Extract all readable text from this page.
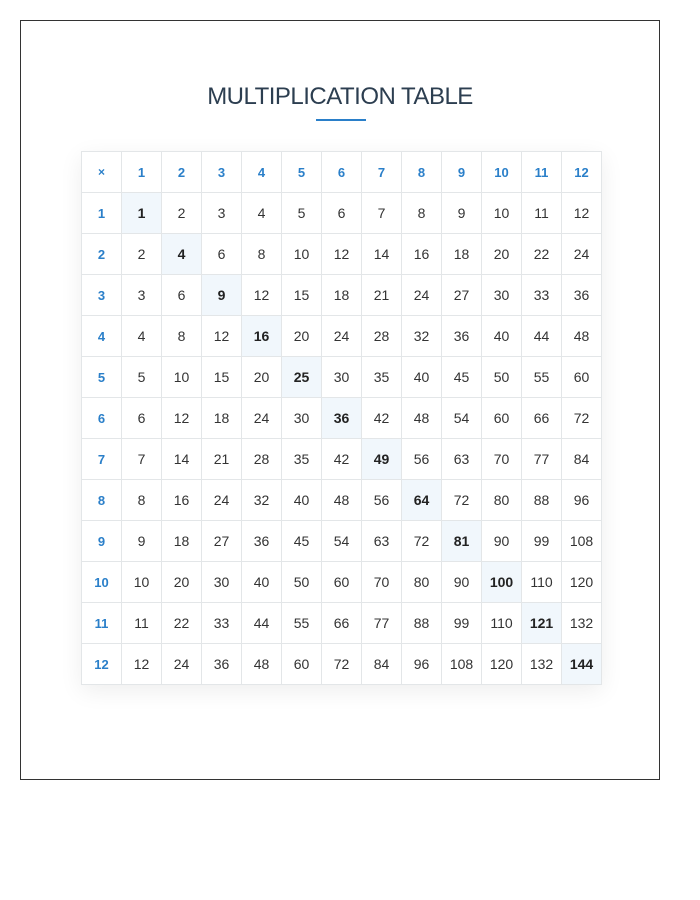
MULTIPLICATION TABLE
×	1	2	3	4	5	6	7	8	9	10	11	12
1	1	2	3	4	5	6	7	8	9	10	11	12
2	2	4	6	8	10	12	14	16	18	20	22	24
3	3	6	9	12	15	18	21	24	27	30	33	36
4	4	8	12	16	20	24	28	32	36	40	44	48
5	5	10	15	20	25	30	35	40	45	50	55	60
6	6	12	18	24	30	36	42	48	54	60	66	72
7	7	14	21	28	35	42	49	56	63	70	77	84
8	8	16	24	32	40	48	56	64	72	80	88	96
9	9	18	27	36	45	54	63	72	81	90	99	108
10	10	20	30	40	50	60	70	80	90	100	110	120
11	11	22	33	44	55	66	77	88	99	110	121	132
12	12	24	36	48	60	72	84	96	108	120	132	144
